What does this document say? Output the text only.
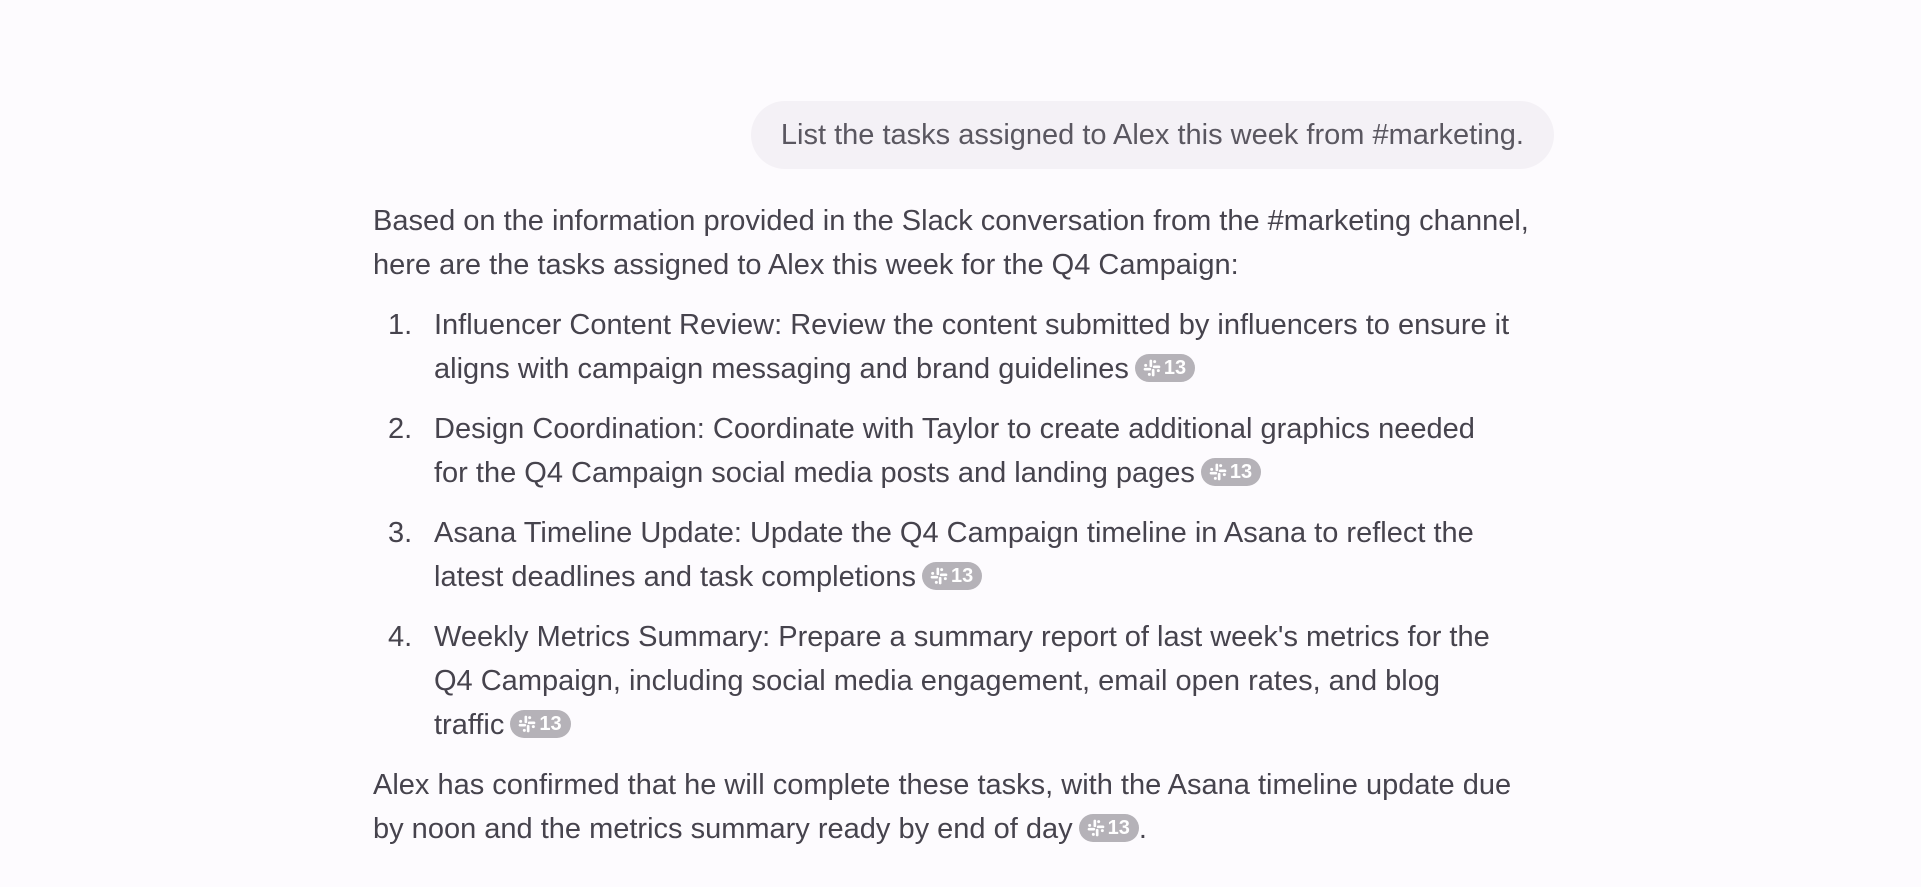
List the tasks assigned to Alex this week from #marketing.

Based on the information provided in the Slack conversation from the #marketing channel, here are the tasks assigned to Alex this week for the Q4 Campaign:

1. Influencer Content Review: Review the content submitted by influencers to ensure it aligns with campaign messaging and brand guidelines 13
2. Design Coordination: Coordinate with Taylor to create additional graphics needed for the Q4 Campaign social media posts and landing pages 13
3. Asana Timeline Update: Update the Q4 Campaign timeline in Asana to reflect the latest deadlines and task completions 13
4. Weekly Metrics Summary: Prepare a summary report of last week's metrics for the Q4 Campaign, including social media engagement, email open rates, and blog traffic 13

Alex has confirmed that he will complete these tasks, with the Asana timeline update due by noon and the metrics summary ready by end of day 13 .
